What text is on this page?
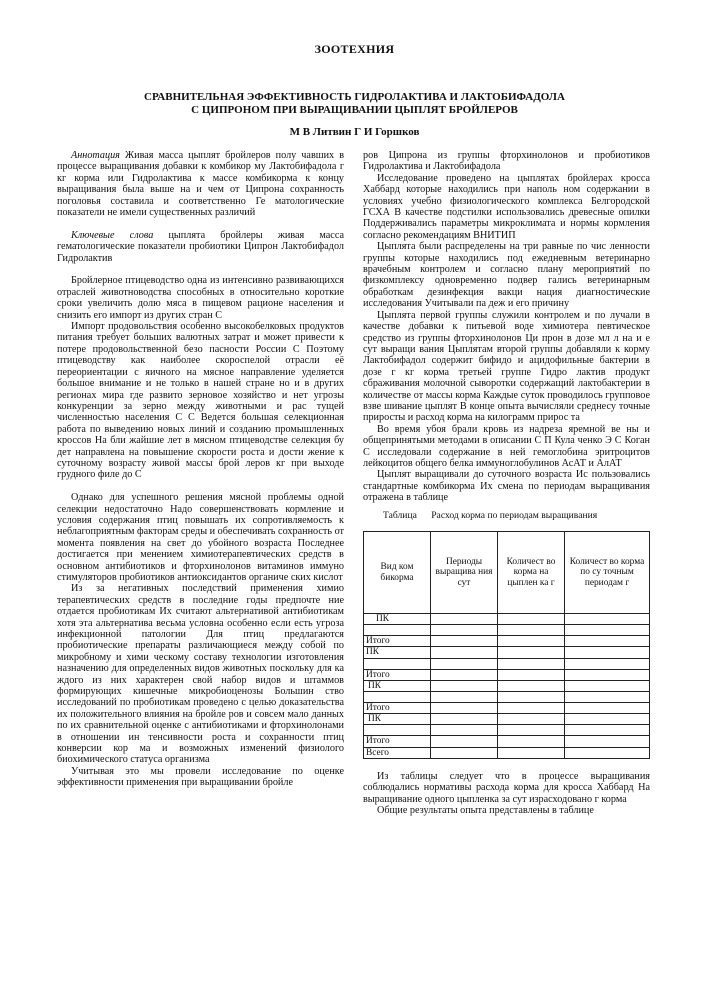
ЗООТЕХНИЯ
СРАВНИТЕЛЬНАЯ ЭФФЕКТИВНОСТЬ ГИДРОЛАКТИВА И ЛАКТОБИФАДОЛА
С ЦИПРОНОМ ПРИ ВЫРАЩИВАНИИ ЦЫПЛЯТ БРОЙЛЕРОВ
М В Литвин Г И Горшков

Аннотация Живая масса цыплят бройлеров полу чавших в процессе выращивания добавки к комбикор му Лактобифадола г кг корма или Гидролактива к массе комбикорма к концу выращивания была выше на и чем от Ципрона сохранность поголовья составила и соответственно Ге матологические показатели не имели существенных различий

Ключевые слова цыплята бройлеры живая масса гематологические показатели пробиотики Ципрон Лактобифадол Гидролактив

Бройлерное птицеводство одна из интенсивно развивающихся отраслей животноводства способных в относительно короткие сроки увеличить долю мяса в пищевом рационе населения и снизить его импорт из других стран С

Импорт продовольствия особенно высокобелковых продуктов питания требует больших валютных затрат и может привести к потере продовольственной безо пасности России С Поэтому птицеводству как наиболее скороспелой отрасли её переориентации с яичного на мясное направление уделяется большое внимание и не только в нашей стране но и в других регионах мира где развито зерновое хозяйство и нет угрозы конкуренции за зерно между животными и рас тущей численностью населения С С Ведется большая селекционная работа по выведению новых линий и созданию промышленных кроссов На бли жайшие лет в мясном птицеводстве селекция бу дет направлена на повышение скорости роста и дости жение к суточному возрасту живой массы брой леров кг при выходе грудного филе до С

Однако для успешного решения мясной проблемы одной селекции недостаточно Надо совершенствовать кормление и условия содержания птиц повышать их сопротивляемость к неблагоприятным факторам среды и обеспечивать сохранность от момента появления на свет до убойного возраста Последнее достигается при менением химиотерапевтических средств в основном антибиотиков и фторхинолонов витаминов иммуно стимуляторов пробиотиков антиоксидантов органиче ских кислот

Из за негативных последствий применения химио терапевтических средств в последние годы предпочте ние отдается пробиотикам Их считают альтернативой антибиотикам хотя эта альтернатива весьма условна особенно если есть угроза инфекционной патологии Для птиц предлагаются пробиотические препараты различающиеся между собой по микробному и хими ческому составу технологии изготовления назначению для определенных видов животных поскольку для ка ждого из них характерен свой набор видов и штаммов формирующих кишечные микробиоценозы Большин ство исследований по пробиотикам проведено с целью доказательства их положительного влияния на бройле ров и совсем мало данных по их сравнительной оценке с антибиотиками и фторхинолонами в отношении ин тенсивности роста и сохранности птиц конверсии кор ма и возможных изменений физиолого биохимического статуса организма

Учитывая это мы провели исследование по оценке эффективности применения при выращивании бройле

ров Ципрона из группы фторхинолонов и пробиотиков Гидролактива и Лактобифадола

Исследование проведено на цыплятах бройлерах кросса Хаббард которые находились при наполь ном содержании в условиях учебно физиологического комплекса Белгородской ГСХА В качестве подстилки использовались древесные опилки Поддерживались параметры микроклимата и нормы кормления согласно рекомендациям ВНИТИП

Цыплята были распределены на три равные по чис ленности группы которые находились под ежедневным ветеринарно врачебным контролем и согласно плану мероприятий по физкомплексу одновременно подвер гались ветеринарным обработкам дезинфекция вакци нация диагностические исследования Учитывали па деж и его причину

Цыплята первой группы служили контролем и по лучали в качестве добавки к питьевой воде химиотера певтическое средство из группы фторхинолонов Ци прон в дозе мл л на и е сут выращи вания Цыплятам второй группы добавляли к корму Лактобифадол содержит бифидо и ацидофильные бактерии в дозе г кг корма третьей группе Гидро лактив продукт сбраживания молочной сыворотки содержащий лактобактерии в количестве от массы корма Каждые суток проводилось групповое взве шивание цыплят В конце опыта вычисляли среднесу точные приросты и расход корма на килограмм прирос та

Во время убоя брали кровь из надреза яремной ве ны и общепринятыми методами в описании С П Кула ченко Э С Коган С исследовали содержание в ней гемоглобина эритроцитов лейкоцитов общего белка иммуноглобулинов АсАТ и АлАТ

Цыплят выращивали до суточного возраста Ис пользовались стандартные комбикорма Их смена по периодам выращивания отражена в таблице

Таблица      Расход корма по периодам выращивания
Вид ком бикорма	Периоды выращива ния сут	Количест во корма на цыплен ка г	Количест во корма по су точным периодам г
ПК			

Итого			
ПК			

Итого			
ПК			

Итого			
ПК			

Итого			
Всего			

Из таблицы следует что в процессе выращивания соблюдались нормативы расхода корма для кросса Хаббард На выращивание одного цыпленка за сут израсходовано г корма

Общие результаты опыта представлены в таблице
